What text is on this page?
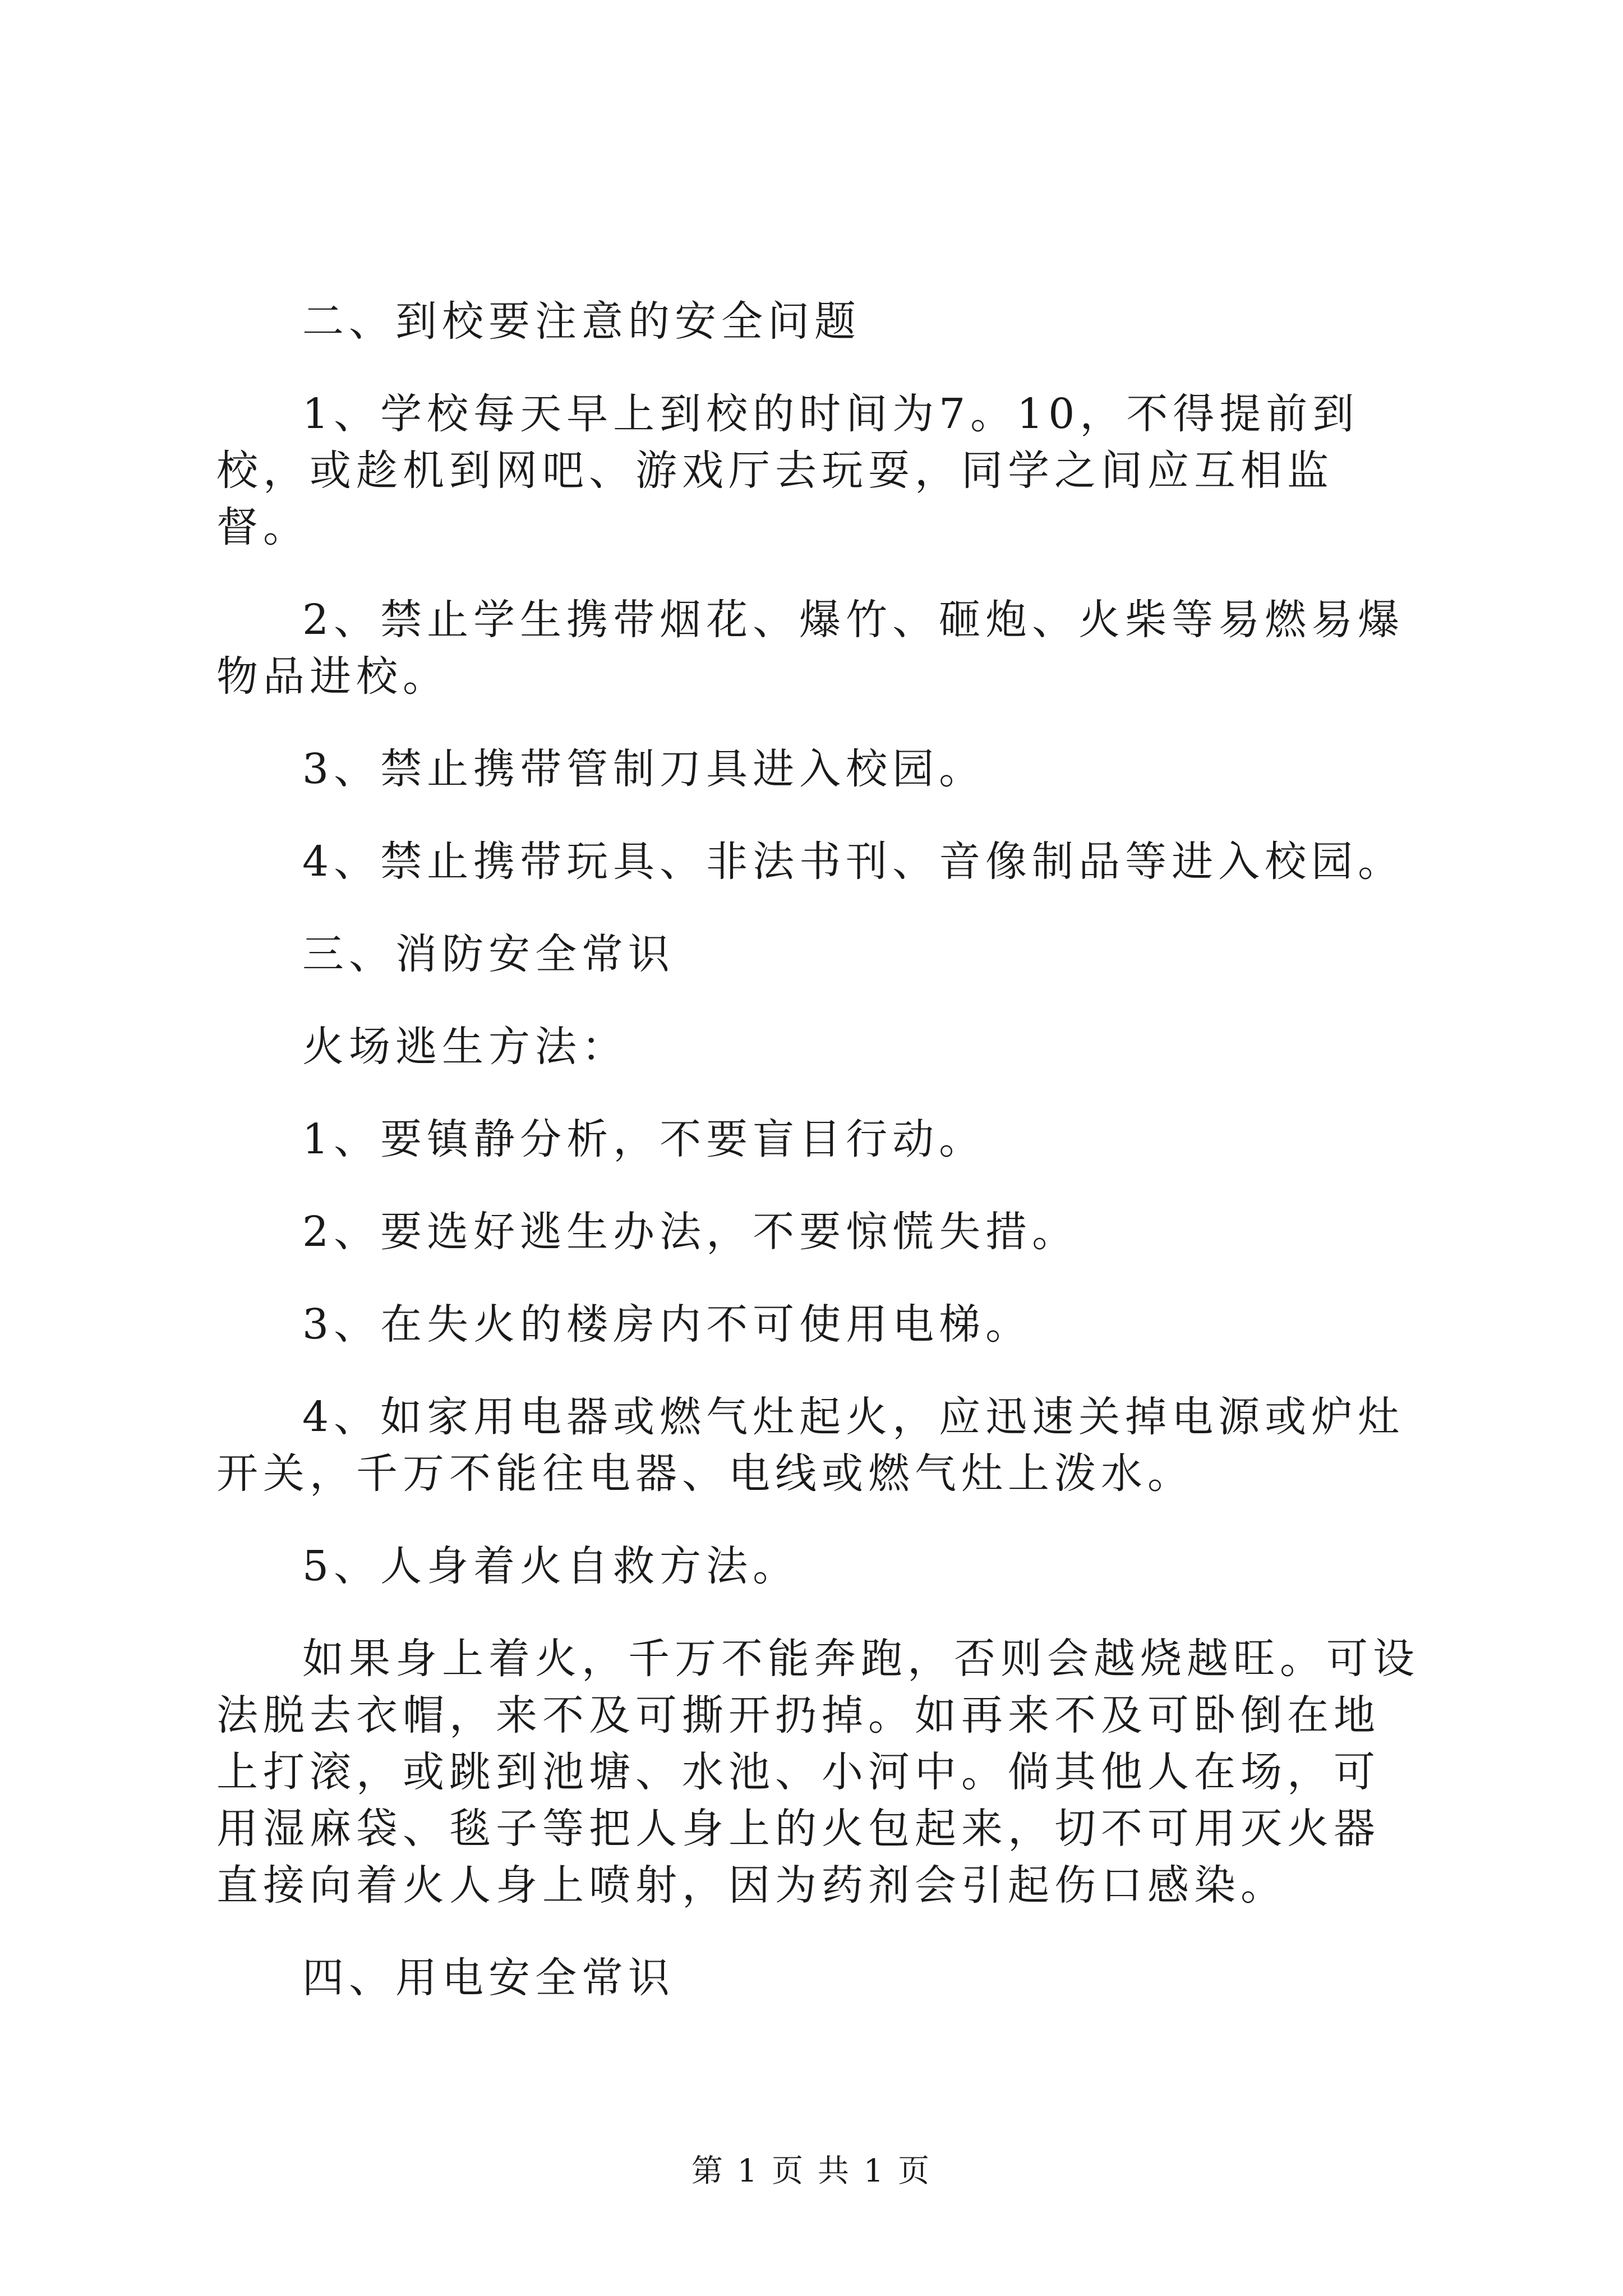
二、到校要注意的安全问题

1、学校每天早上到校的时间为7。10，不得提前到校，或趁机到网吧、游戏厅去玩耍，同学之间应互相监督。

2、禁止学生携带烟花、爆竹、砸炮、火柴等易燃易爆物品进校。

3、禁止携带管制刀具进入校园。

4、禁止携带玩具、非法书刊、音像制品等进入校园。

三、消防安全常识

火场逃生方法：

1、要镇静分析，不要盲目行动。

2、要选好逃生办法，不要惊慌失措。

3、在失火的楼房内不可使用电梯。

4、如家用电器或燃气灶起火，应迅速关掉电源或炉灶开关，千万不能往电器、电线或燃气灶上泼水。

5、人身着火自救方法。

如果身上着火，千万不能奔跑，否则会越烧越旺。可设法脱去衣帽，来不及可撕开扔掉。如再来不及可卧倒在地上打滚，或跳到池塘、水池、小河中。倘其他人在场，可用湿麻袋、毯子等把人身上的火包起来，切不可用灭火器直接向着火人身上喷射，因为药剂会引起伤口感染。

四、用电安全常识

第 1 页 共 1 页
